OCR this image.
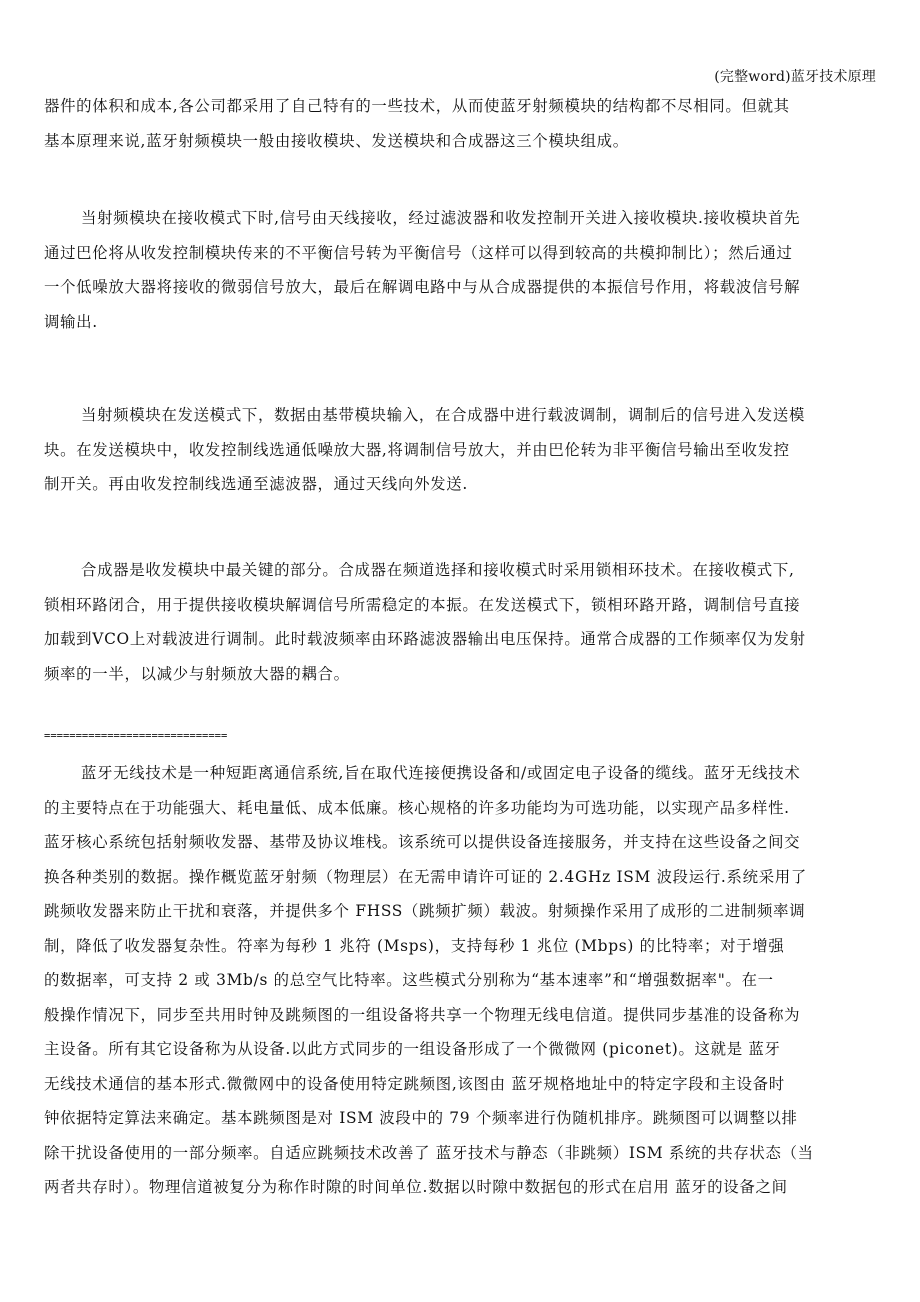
(完整word)蓝牙技术原理
器件的体积和成本,各公司都采用了自己特有的一些技术，从而使蓝牙射频模块的结构都不尽相同。但就其
基本原理来说,蓝牙射频模块一般由接收模块、发送模块和合成器这三个模块组成。
当射频模块在接收模式下时,信号由天线接收，经过滤波器和收发控制开关进入接收模块.接收模块首先
通过巴伦将从收发控制模块传来的不平衡信号转为平衡信号（这样可以得到较高的共模抑制比）；然后通过
一个低噪放大器将接收的微弱信号放大，最后在解调电路中与从合成器提供的本振信号作用，将载波信号解
调输出.
当射频模块在发送模式下，数据由基带模块输入，在合成器中进行载波调制，调制后的信号进入发送模
块。在发送模块中，收发控制线选通低噪放大器,将调制信号放大，并由巴伦转为非平衡信号输出至收发控
制开关。再由收发控制线选通至滤波器，通过天线向外发送.
合成器是收发模块中最关键的部分。合成器在频道选择和接收模式时采用锁相环技术。在接收模式下,
锁相环路闭合，用于提供接收模块解调信号所需稳定的本振。在发送模式下，锁相环路开路，调制信号直接
加载到VCO上对载波进行调制。此时载波频率由环路滤波器输出电压保持。通常合成器的工作频率仅为发射
频率的一半，以减少与射频放大器的耦合。
=============================
蓝牙无线技术是一种短距离通信系统,旨在取代连接便携设备和/或固定电子设备的缆线。蓝牙无线技术
的主要特点在于功能强大、耗电量低、成本低廉。核心规格的许多功能均为可选功能，以实现产品多样性.
蓝牙核心系统包括射频收发器、基带及协议堆栈。该系统可以提供设备连接服务，并支持在这些设备之间交
换各种类别的数据。操作概览蓝牙射频（物理层）在无需申请许可证的 2.4GHz ISM 波段运行.系统采用了
跳频收发器来防止干扰和衰落，并提供多个 FHSS（跳频扩频）载波。射频操作采用了成形的二进制频率调
制，降低了收发器复杂性。符率为每秒 1 兆符 (Msps)，支持每秒 1 兆位 (Mbps) 的比特率；对于增强
的数据率，可支持 2 或 3Mb/s 的总空气比特率。这些模式分别称为“基本速率”和“增强数据率"。在一
般操作情况下，同步至共用时钟及跳频图的一组设备将共享一个物理无线电信道。提供同步基准的设备称为
主设备。所有其它设备称为从设备.以此方式同步的一组设备形成了一个微微网 (piconet)。这就是 蓝牙
无线技术通信的基本形式.微微网中的设备使用特定跳频图,该图由 蓝牙规格地址中的特定字段和主设备时
钟依据特定算法来确定。基本跳频图是对 ISM 波段中的 79 个频率进行伪随机排序。跳频图可以调整以排
除干扰设备使用的一部分频率。自适应跳频技术改善了 蓝牙技术与静态（非跳频）ISM 系统的共存状态（当
两者共存时）。物理信道被复分为称作时隙的时间单位.数据以时隙中数据包的形式在启用 蓝牙的设备之间
